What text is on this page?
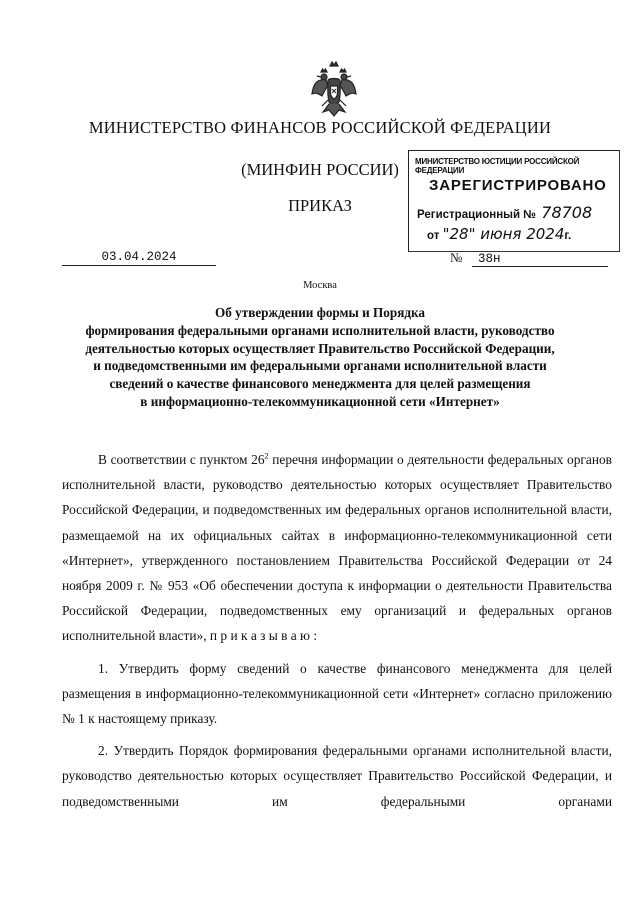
МИНИСТЕРСТВО ФИНАНСОВ РОССИЙСКОЙ ФЕДЕРАЦИИ
(МИНФИН РОССИИ)
ПРИКАЗ
МИНИСТЕРСТВО ЮСТИЦИИ РОССИЙСКОЙ ФЕДЕРАЦИИ
ЗАРЕГИСТРИРОВАНО
Регистрационный № 78708
от "28" июня 2024г.
03.04.2024	№ 38н
Москва
Об утверждении формы и Порядка
формирования федеральными органами исполнительной власти, руководство
деятельностью которых осуществляет Правительство Российской Федерации,
и подведомственными им федеральными органами исполнительной власти
сведений о качестве финансового менеджмента для целей размещения
в информационно-телекоммуникационной сети «Интернет»

В соответствии с пунктом $26^2$ перечня информации о деятельности федеральных органов исполнительной власти, руководство деятельностью которых осуществляет Правительство Российской Федерации, и подведомственных им федеральных органов исполнительной власти, размещаемой на их официальных сайтах в информационно-телекоммуникационной сети «Интернет», утвержденного постановлением Правительства Российской Федерации от 24 ноября 2009 г. № 953 «Об обеспечении доступа к информации о деятельности Правительства Российской Федерации, подведомственных ему организаций и федеральных органов исполнительной власти», п р и к а з ы в а ю :

1. Утвердить форму сведений о качестве финансового менеджмента для целей размещения в информационно-телекоммуникационной сети «Интернет» согласно приложению № 1 к настоящему приказу.

2. Утвердить Порядок формирования федеральными органами исполнительной власти, руководство деятельностью которых осуществляет Правительство Российской Федерации, и подведомственными им федеральными органами
